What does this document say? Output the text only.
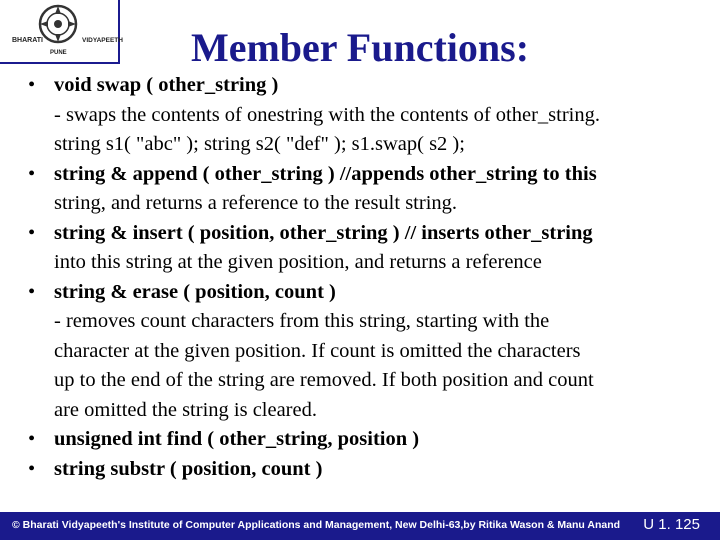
BHARATI	VIDYAPEETH
PUNE	Member Functions:
• void swap ( other_string )
- swaps the contents of onestring with the contents of other_string.
string s1( "abc" ); string s2( "def" ); s1.swap( s2 );
• string & append ( other_string ) //appends other_string to this
string, and returns a reference to the result string.
• string & insert ( position, other_string ) // inserts other_string
into this string at the given position, and returns a reference
• string & erase ( position, count )
- removes count characters from this string, starting with the
character at the given position. If count is omitted the characters
up to the end of the string are removed. If both position and count
are omitted the string is cleared.
• unsigned int find ( other_string, position )
• string substr ( position, count )
© Bharati Vidyapeeth's Institute of Computer Applications and Management, New Delhi-63,by Ritika Wason & Manu Anand U 1. 125
